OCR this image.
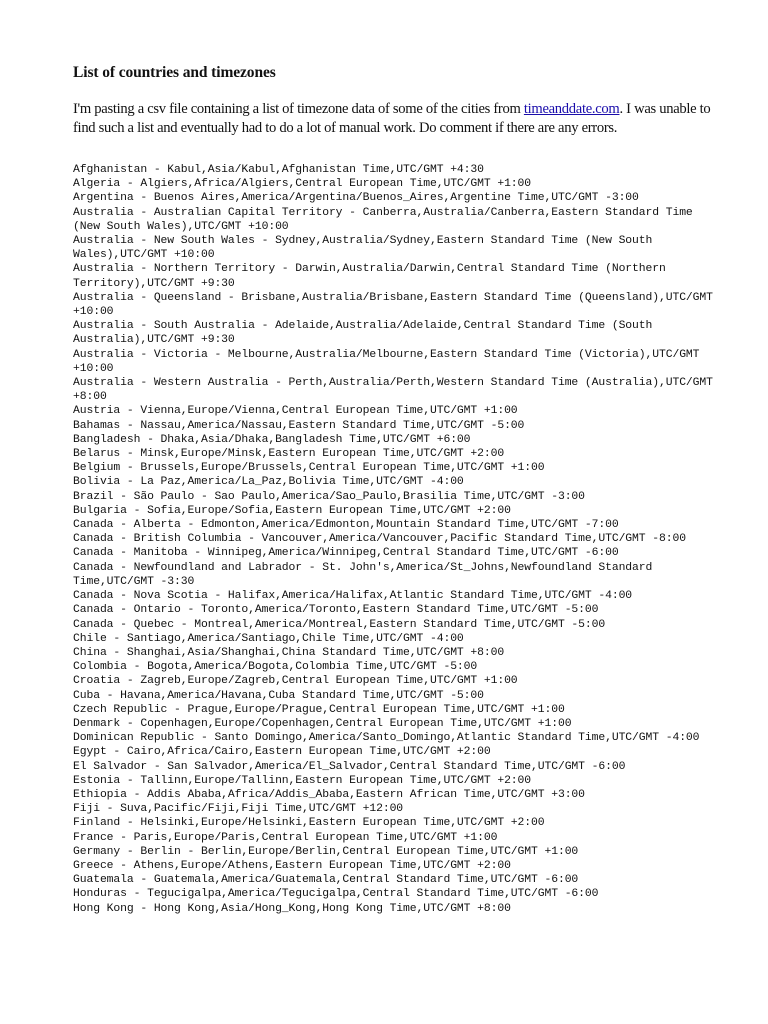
List of countries and timezones

I'm pasting a csv file containing a list of timezone data of some of the cities from timeanddate.com. I was unable to find such a list and eventually had to do a lot of manual work. Do comment if there are any errors.

Afghanistan - Kabul,Asia/Kabul,Afghanistan Time,UTC/GMT +4:30
Algeria - Algiers,Africa/Algiers,Central European Time,UTC/GMT +1:00
Argentina - Buenos Aires,America/Argentina/Buenos_Aires,Argentine Time,UTC/GMT -3:00
Australia - Australian Capital Territory - Canberra,Australia/Canberra,Eastern Standard Time (New South Wales),UTC/GMT +10:00
Australia - New South Wales - Sydney,Australia/Sydney,Eastern Standard Time (New South Wales),UTC/GMT +10:00
Australia - Northern Territory - Darwin,Australia/Darwin,Central Standard Time (Northern Territory),UTC/GMT +9:30
Australia - Queensland - Brisbane,Australia/Brisbane,Eastern Standard Time (Queensland),UTC/GMT +10:00
Australia - South Australia - Adelaide,Australia/Adelaide,Central Standard Time (South Australia),UTC/GMT +9:30
Australia - Victoria - Melbourne,Australia/Melbourne,Eastern Standard Time (Victoria),UTC/GMT +10:00
Australia - Western Australia - Perth,Australia/Perth,Western Standard Time (Australia),UTC/GMT +8:00
Austria - Vienna,Europe/Vienna,Central European Time,UTC/GMT +1:00
Bahamas - Nassau,America/Nassau,Eastern Standard Time,UTC/GMT -5:00
Bangladesh - Dhaka,Asia/Dhaka,Bangladesh Time,UTC/GMT +6:00
Belarus - Minsk,Europe/Minsk,Eastern European Time,UTC/GMT +2:00
Belgium - Brussels,Europe/Brussels,Central European Time,UTC/GMT +1:00
Bolivia - La Paz,America/La_Paz,Bolivia Time,UTC/GMT -4:00
Brazil - São Paulo - Sao Paulo,America/Sao_Paulo,Brasilia Time,UTC/GMT -3:00
Bulgaria - Sofia,Europe/Sofia,Eastern European Time,UTC/GMT +2:00
Canada - Alberta - Edmonton,America/Edmonton,Mountain Standard Time,UTC/GMT -7:00
Canada - British Columbia - Vancouver,America/Vancouver,Pacific Standard Time,UTC/GMT -8:00
Canada - Manitoba - Winnipeg,America/Winnipeg,Central Standard Time,UTC/GMT -6:00
Canada - Newfoundland and Labrador - St. John's,America/St_Johns,Newfoundland Standard Time,UTC/GMT -3:30
Canada - Nova Scotia - Halifax,America/Halifax,Atlantic Standard Time,UTC/GMT -4:00
Canada - Ontario - Toronto,America/Toronto,Eastern Standard Time,UTC/GMT -5:00
Canada - Quebec - Montreal,America/Montreal,Eastern Standard Time,UTC/GMT -5:00
Chile - Santiago,America/Santiago,Chile Time,UTC/GMT -4:00
China - Shanghai,Asia/Shanghai,China Standard Time,UTC/GMT +8:00
Colombia - Bogota,America/Bogota,Colombia Time,UTC/GMT -5:00
Croatia - Zagreb,Europe/Zagreb,Central European Time,UTC/GMT +1:00
Cuba - Havana,America/Havana,Cuba Standard Time,UTC/GMT -5:00
Czech Republic - Prague,Europe/Prague,Central European Time,UTC/GMT +1:00
Denmark - Copenhagen,Europe/Copenhagen,Central European Time,UTC/GMT +1:00
Dominican Republic - Santo Domingo,America/Santo_Domingo,Atlantic Standard Time,UTC/GMT -4:00
Egypt - Cairo,Africa/Cairo,Eastern European Time,UTC/GMT +2:00
El Salvador - San Salvador,America/El_Salvador,Central Standard Time,UTC/GMT -6:00
Estonia - Tallinn,Europe/Tallinn,Eastern European Time,UTC/GMT +2:00
Ethiopia - Addis Ababa,Africa/Addis_Ababa,Eastern African Time,UTC/GMT +3:00
Fiji - Suva,Pacific/Fiji,Fiji Time,UTC/GMT +12:00
Finland - Helsinki,Europe/Helsinki,Eastern European Time,UTC/GMT +2:00
France - Paris,Europe/Paris,Central European Time,UTC/GMT +1:00
Germany - Berlin - Berlin,Europe/Berlin,Central European Time,UTC/GMT +1:00
Greece - Athens,Europe/Athens,Eastern European Time,UTC/GMT +2:00
Guatemala - Guatemala,America/Guatemala,Central Standard Time,UTC/GMT -6:00
Honduras - Tegucigalpa,America/Tegucigalpa,Central Standard Time,UTC/GMT -6:00
Hong Kong - Hong Kong,Asia/Hong_Kong,Hong Kong Time,UTC/GMT +8:00
